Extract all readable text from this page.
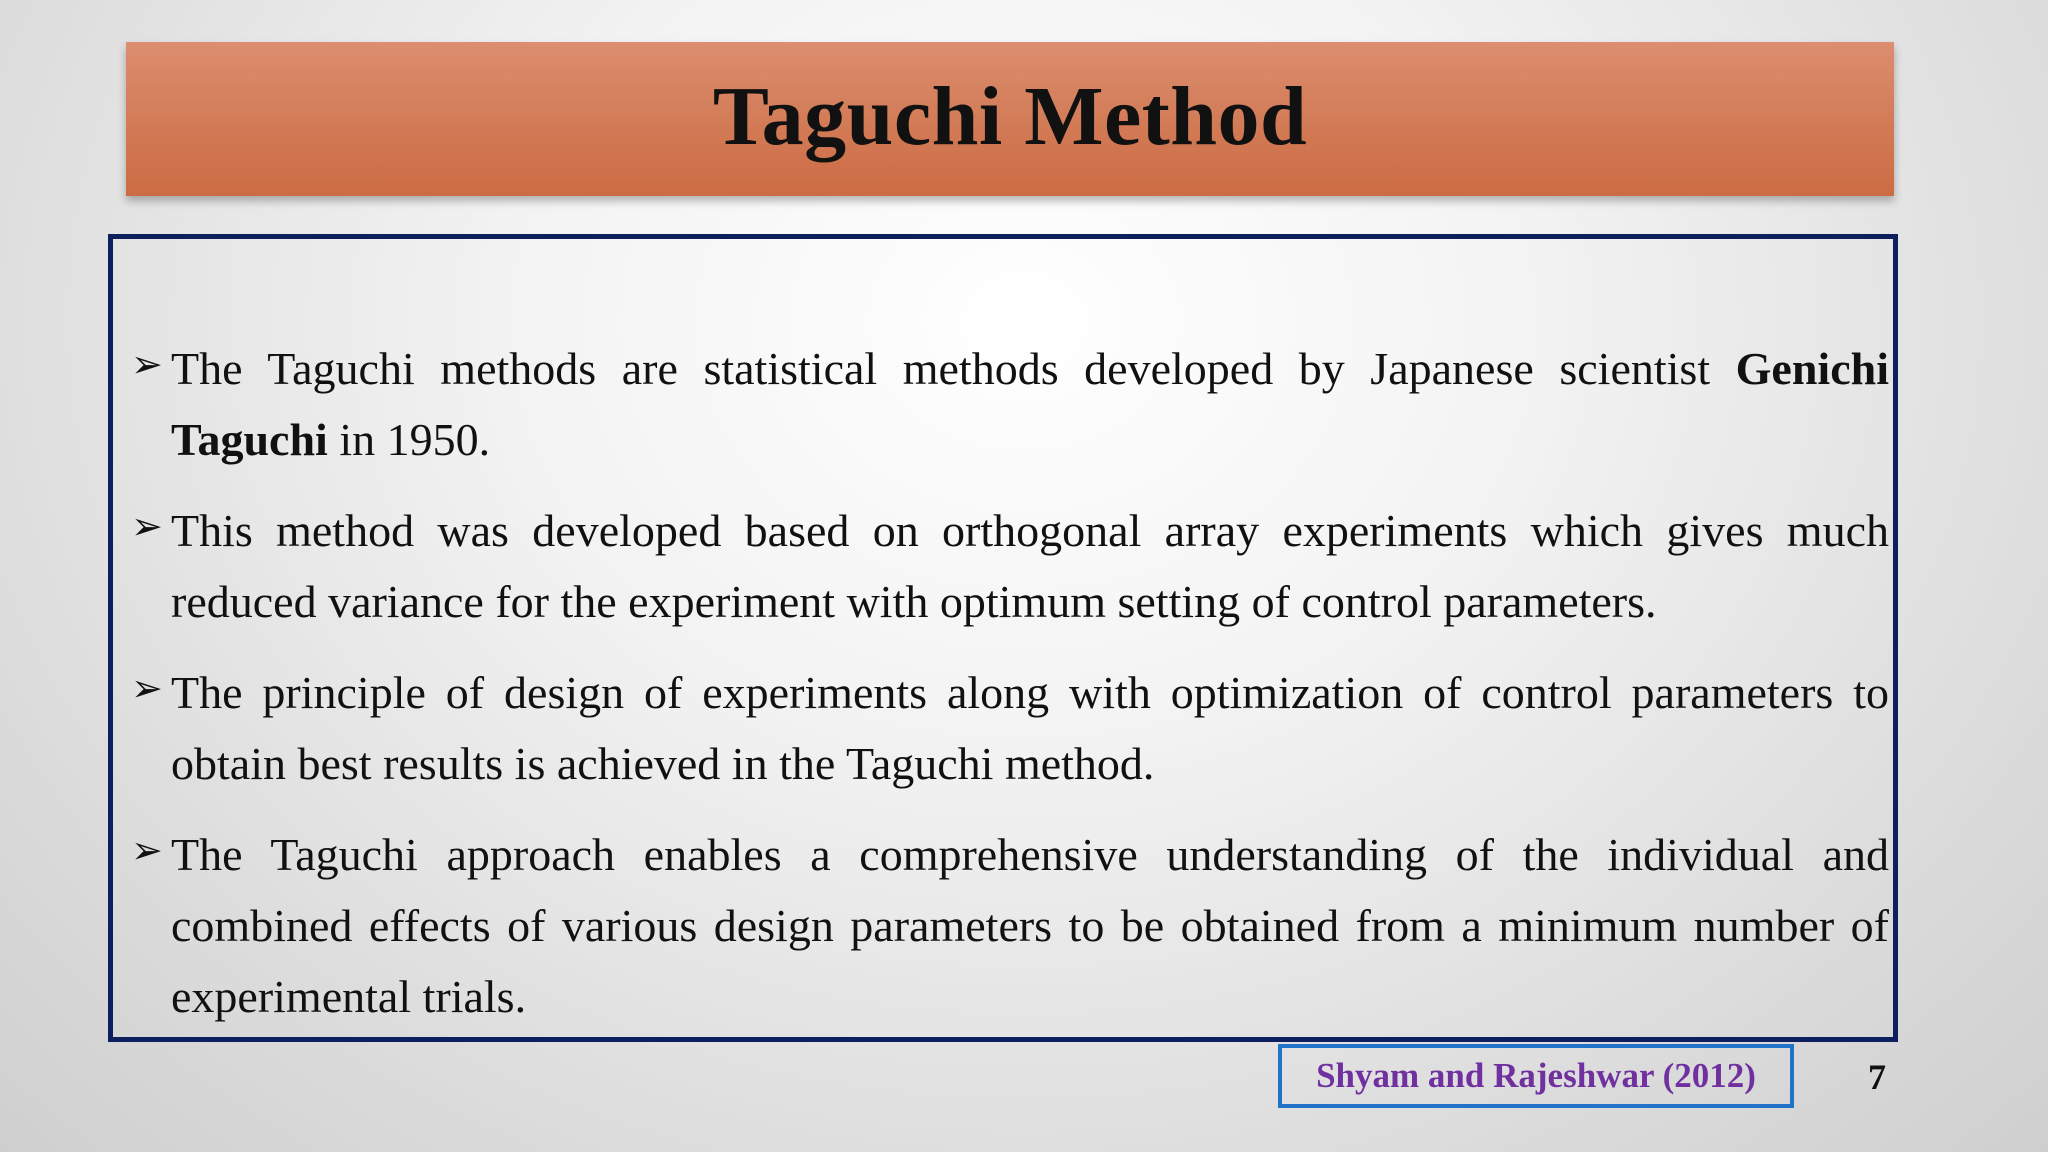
Taguchi Method
➢ The Taguchi methods are statistical methods developed by Japanese scientist Genichi Taguchi in 1950.
➢ This method was developed based on orthogonal array experiments which gives much reduced variance for the experiment with optimum setting of control parameters.
➢ The principle of design of experiments along with optimization of control parameters to obtain best results is achieved in the Taguchi method.
➢ The Taguchi approach enables a comprehensive understanding of the individual and combined effects of various design parameters to be obtained from a minimum number of experimental trials.
Shyam and Rajeshwar (2012)	7
